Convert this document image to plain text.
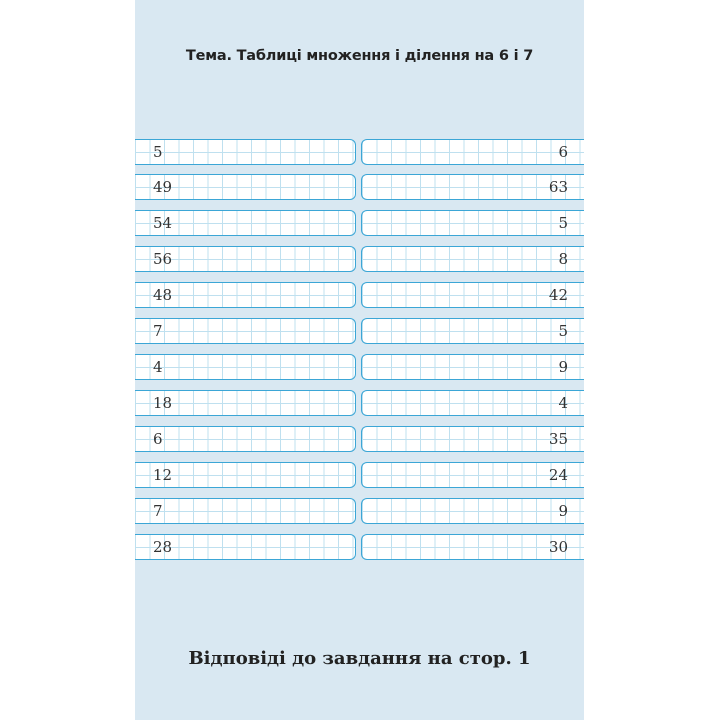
Тема. Таблиці множення і ділення на 6 і 7
Відповіді до завдання на стор. 1
5	6
49	63
54	5
56	8
48	42
7	5
4	9
18	4
6	35
12	24
7	9
28	30
